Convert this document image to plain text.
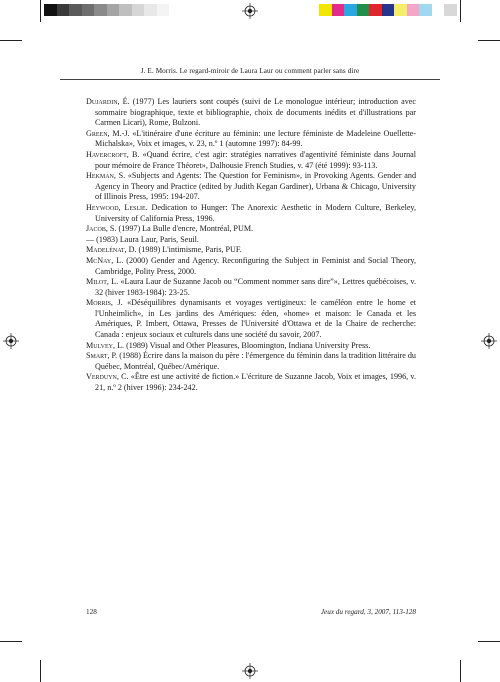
J. E. Morris. Le regard-miroir de Laura Laur ou comment parler sans dire
Dujardin, É. (1977) Les lauriers sont coupés (suivi de Le monologue intérieur; introduction avec sommaire biographique, texte et bibliographie, choix de documents inédits et d'illustrations par Carmen Licari), Rome, Bulzoni.
Green, M.-J. «L'itinéraire d'une écriture au féminin: une lecture féministe de Madeleine Ouellette-Michalska», Voix et images, v. 23, n.º 1 (automne 1997): 84-99.
Havercroft, B. «Quand écrire, c'est agir: stratégies narratives d'agentivité féministe dans Journal pour mémoire de France Théoret», Dalhousie French Studies, v. 47 (été 1999): 93-113.
Hekman, S. «Subjects and Agents: The Question for Feminism», in Provoking Agents. Gender and Agency in Theory and Practice (edited by Judith Kegan Gardiner), Urbana & Chicago, University of Illinois Press, 1995: 194-207.
Heywood, Leslie. Dedication to Hunger: The Anorexic Aesthetic in Modern Culture, Berkeley, University of California Press, 1996.
Jacob, S. (1997) La Bulle d'encre, Montréal, PUM.
— (1983) Laura Laur, Paris, Seuil.
Madelénat, D. (1989) L'intimisme, Paris, PUF.
McNay, L. (2000) Gender and Agency. Reconfiguring the Subject in Feminist and Social Theory, Cambridge, Polity Press, 2000.
Milot, L. «Laura Laur de Suzanne Jacob ou “Comment nommer sans dire”», Lettres québécoises, v. 32 (hiver 1983-1984): 23-25.
Morris, J. «Déséquilibres dynamisants et voyages vertigineux: le caméléon entre le home et l'Unheimlich», in Les jardins des Amériques: éden, «home» et maison: le Canada et les Amériques, P. Imbert, Ottawa, Presses de l'Université d'Ottawa et de la Chaire de recherche: Canada : enjeux sociaux et culturels dans une société du savoir, 2007.
Mulvey, L. (1989) Visual and Other Pleasures, Bloomington, Indiana University Press.
Smart, P. (1988) Écrire dans la maison du père : l'émergence du féminin dans la tradition littéraire du Québec, Montréal, Québec/Amérique.
Verduyn, C. «Être est une activité de fiction.» L'écriture de Suzanne Jacob, Voix et images, 1996, v. 21, n.º 2 (hiver 1996): 234-242.
128	Jeux du regard, 3, 2007, 113-128
